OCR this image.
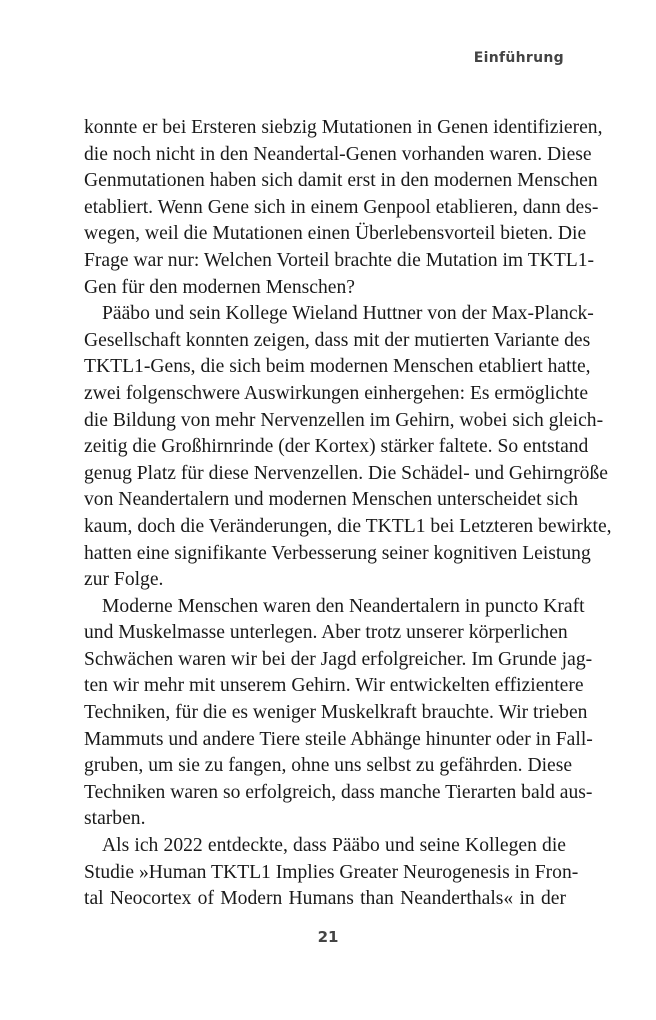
Einführung
konnte er bei Ersteren siebzig Mutationen in Genen identifizieren,
die noch nicht in den Neandertal-Genen vorhanden waren. Diese
Genmutationen haben sich damit erst in den modernen Menschen
etabliert. Wenn Gene sich in einem Genpool etablieren, dann des-
wegen, weil die Mutationen einen Überlebensvorteil bieten. Die
Frage war nur: Welchen Vorteil brachte die Mutation im TKTL1-
Gen für den modernen Menschen?
Pääbo und sein Kollege Wieland Huttner von der Max-Planck-
Gesellschaft konnten zeigen, dass mit der mutierten Variante des
TKTL1-Gens, die sich beim modernen Menschen etabliert hatte,
zwei folgenschwere Auswirkungen einhergehen: Es ermöglichte
die Bildung von mehr Nervenzellen im Gehirn, wobei sich gleich-
zeitig die Großhirnrinde (der Kortex) stärker faltete. So entstand
genug Platz für diese Nervenzellen. Die Schädel- und Gehirngröße
von Neandertalern und modernen Menschen unterscheidet sich
kaum, doch die Veränderungen, die TKTL1 bei Letzteren bewirkte,
hatten eine signifikante Verbesserung seiner kognitiven Leistung
zur Folge.
Moderne Menschen waren den Neandertalern in puncto Kraft
und Muskelmasse unterlegen. Aber trotz unserer körperlichen
Schwächen waren wir bei der Jagd erfolgreicher. Im Grunde jag-
ten wir mehr mit unserem Gehirn. Wir entwickelten effizientere
Techniken, für die es weniger Muskelkraft brauchte. Wir trieben
Mammuts und andere Tiere steile Abhänge hinunter oder in Fall-
gruben, um sie zu fangen, ohne uns selbst zu gefährden. Diese
Techniken waren so erfolgreich, dass manche Tierarten bald aus-
starben.
Als ich 2022 entdeckte, dass Pääbo und seine Kollegen die
Studie »Human TKTL1 Implies Greater Neurogenesis in Fron-
tal Neocortex of Modern Humans than Neanderthals« in der
21
